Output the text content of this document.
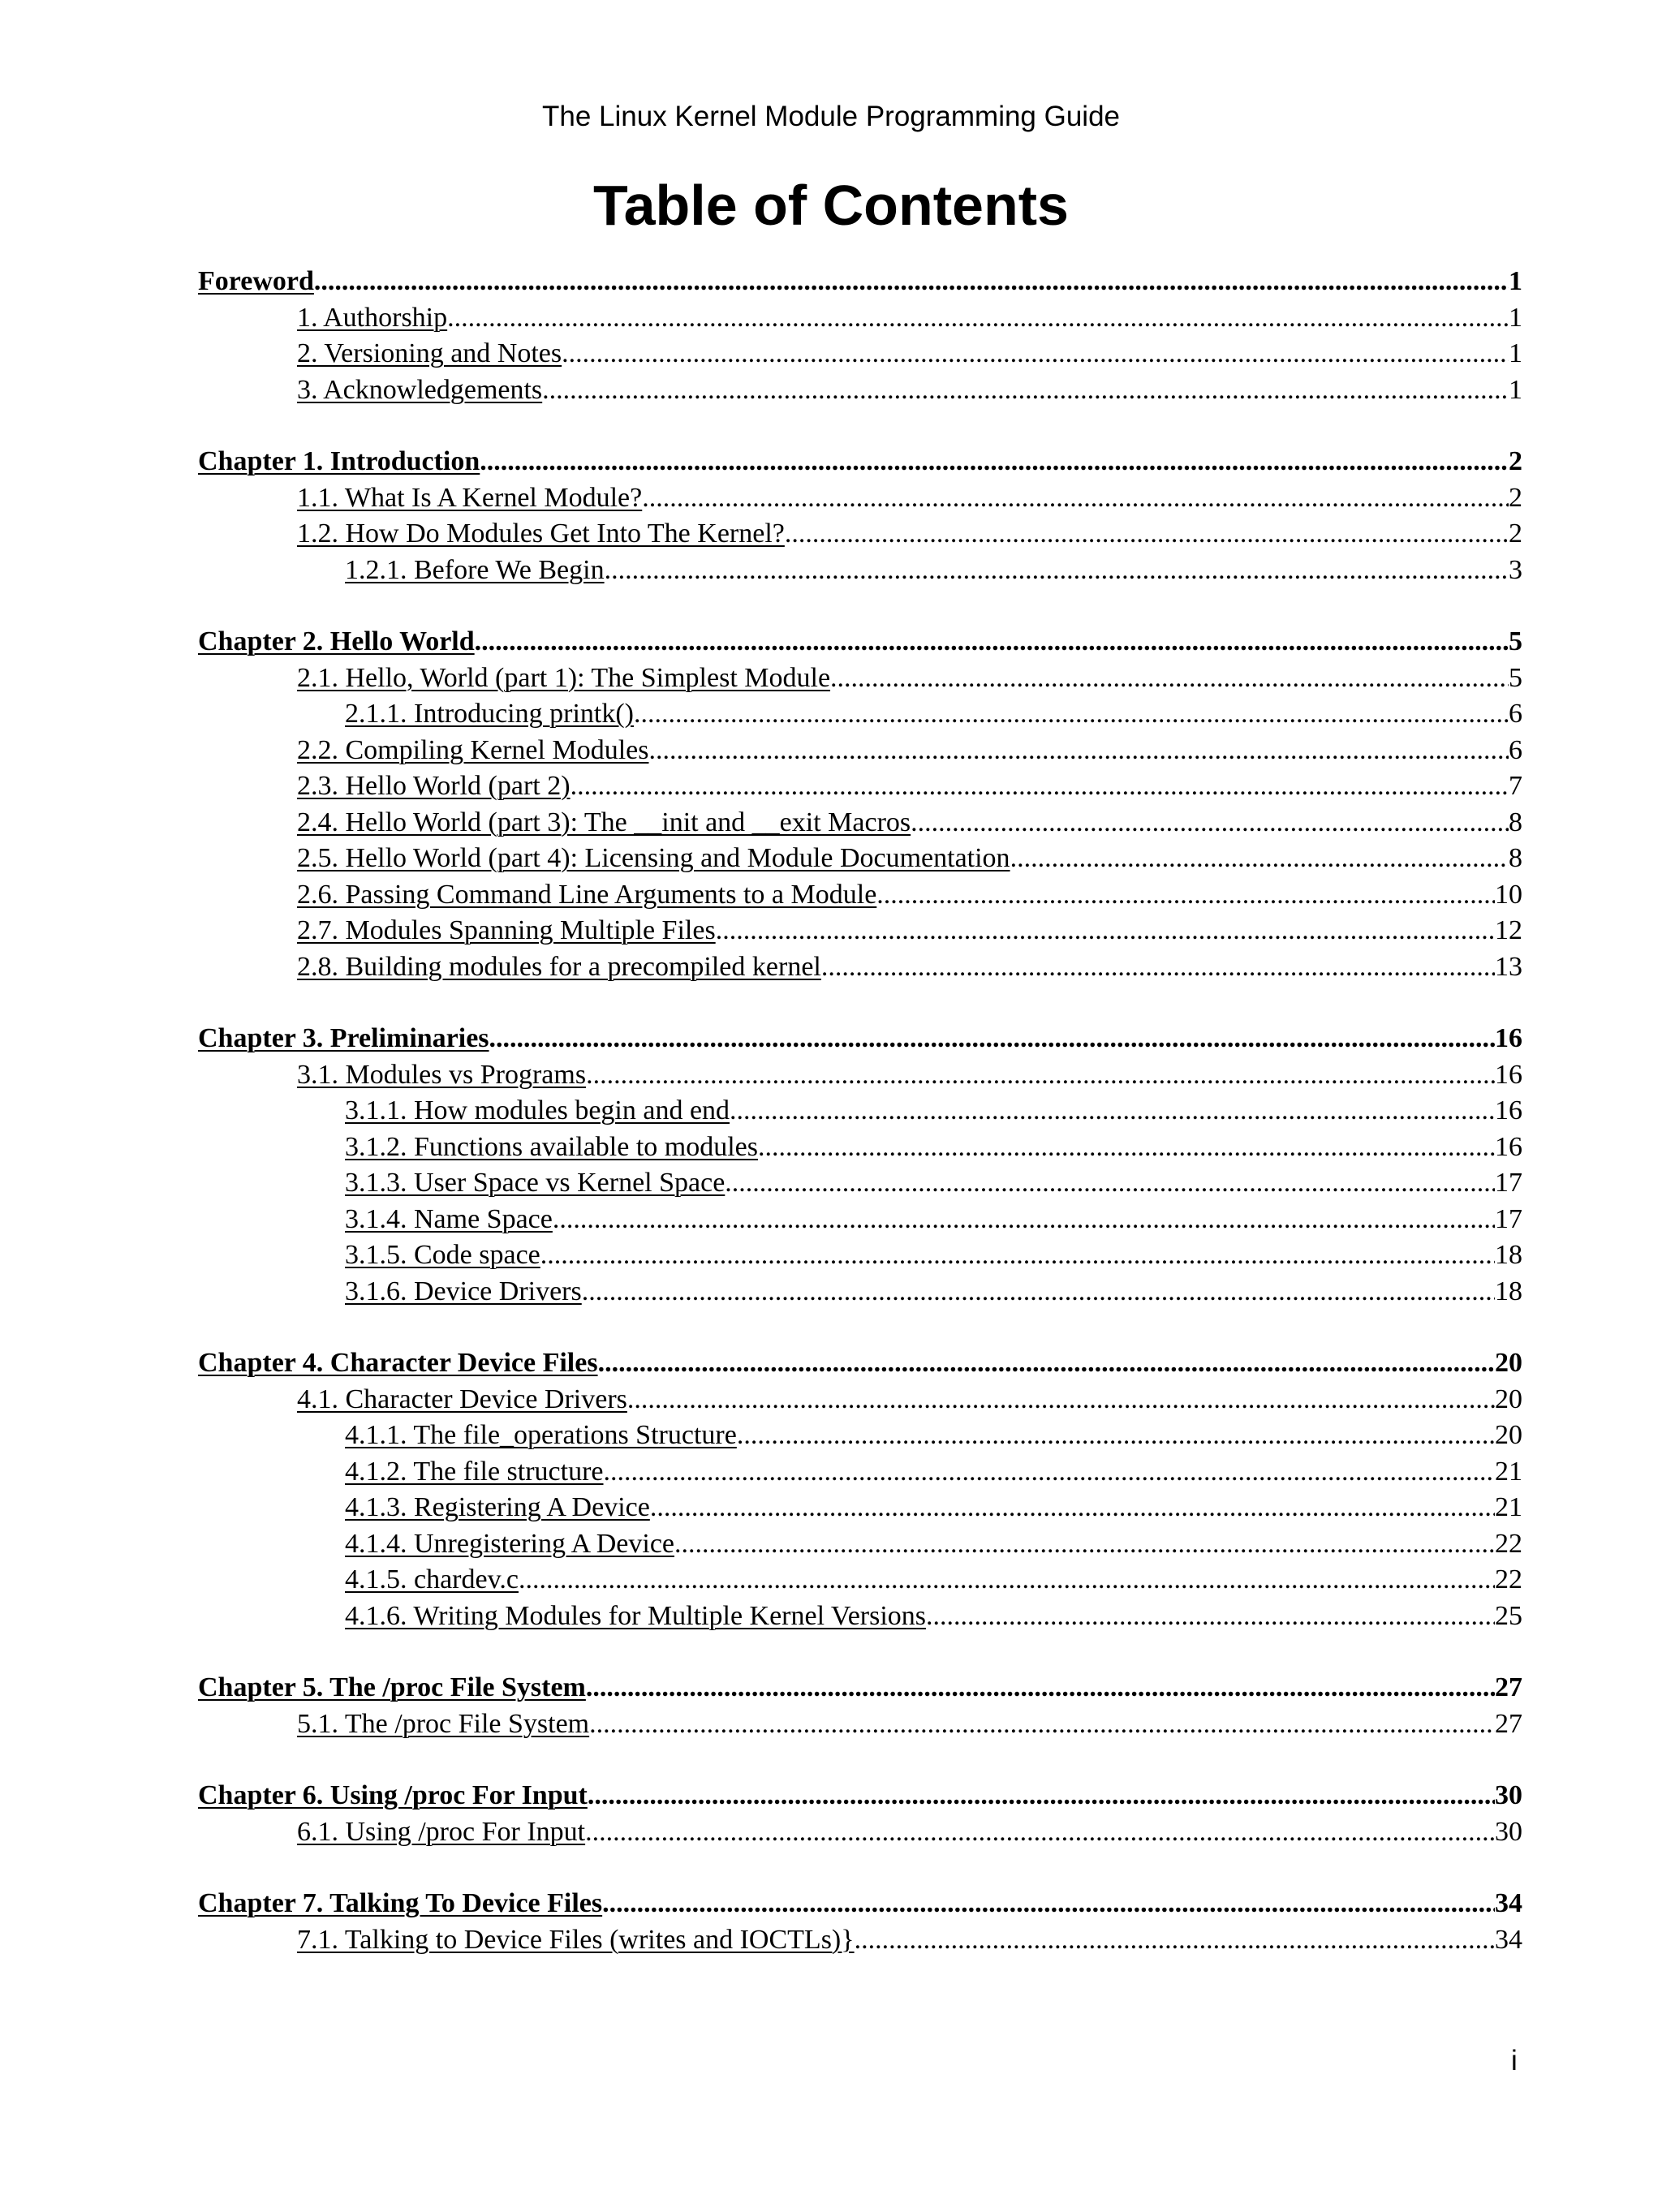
The Linux Kernel Module Programming Guide
Table of Contents
Foreword .....	1
1. Authorship .....	1
2. Versioning and Notes .....	1
3. Acknowledgements .....	1
Chapter 1. Introduction .....	2
1.1. What Is A Kernel Module? .....	2
1.2. How Do Modules Get Into The Kernel? .....	2
1.2.1. Before We Begin .....	3
Chapter 2. Hello World .....	5
2.1. Hello, World (part 1): The Simplest Module .....	5
2.1.1. Introducing printk() .....	6
2.2. Compiling Kernel Modules .....	6
2.3. Hello World (part 2) .....	7
2.4. Hello World (part 3): The __init and __exit Macros .....	8
2.5. Hello World (part 4): Licensing and Module Documentation .....	8
2.6. Passing Command Line Arguments to a Module .....	10
2.7. Modules Spanning Multiple Files .....	12
2.8. Building modules for a precompiled kernel .....	13
Chapter 3. Preliminaries .....	16
3.1. Modules vs Programs .....	16
3.1.1. How modules begin and end .....	16
3.1.2. Functions available to modules .....	16
3.1.3. User Space vs Kernel Space .....	17
3.1.4. Name Space .....	17
3.1.5. Code space .....	18
3.1.6. Device Drivers .....	18
Chapter 4. Character Device Files .....	20
4.1. Character Device Drivers .....	20
4.1.1. The file_operations Structure .....	20
4.1.2. The file structure .....	21
4.1.3. Registering A Device .....	21
4.1.4. Unregistering A Device .....	22
4.1.5. chardev.c .....	22
4.1.6. Writing Modules for Multiple Kernel Versions .....	25
Chapter 5. The /proc File System .....	27
5.1. The /proc File System .....	27
Chapter 6. Using /proc For Input .....	30
6.1. Using /proc For Input .....	30
Chapter 7. Talking To Device Files .....	34
7.1. Talking to Device Files (writes and IOCTLs)} .....	34
i
